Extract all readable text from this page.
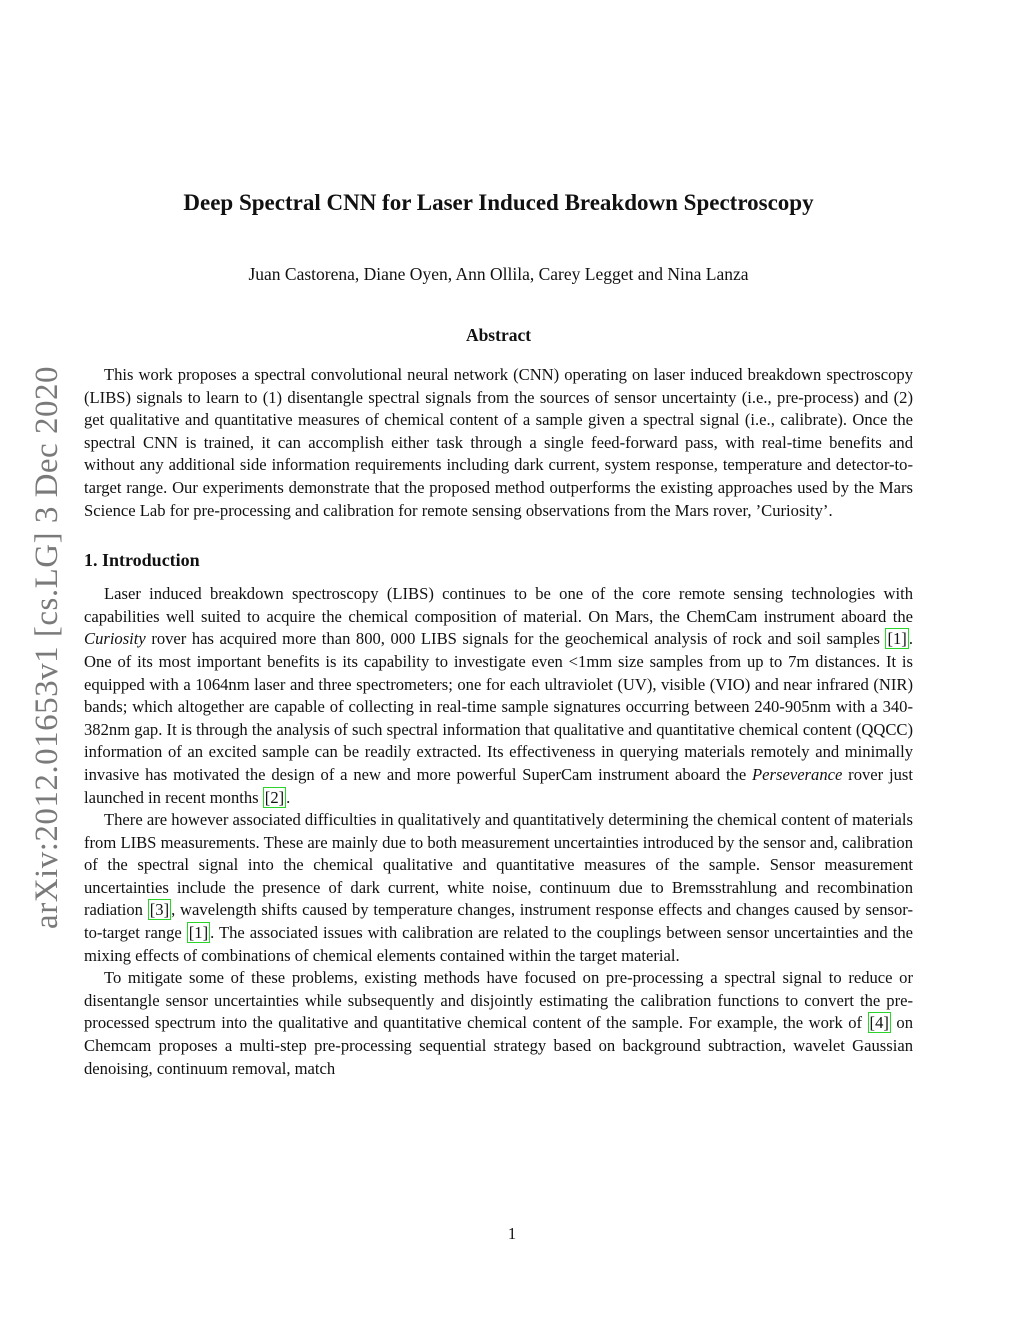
arXiv:2012.01653v1 [cs.LG] 3 Dec 2020
Deep Spectral CNN for Laser Induced Breakdown Spectroscopy
Juan Castorena, Diane Oyen, Ann Ollila, Carey Legget and Nina Lanza
Abstract

This work proposes a spectral convolutional neural network (CNN) operating on laser induced breakdown spectroscopy (LIBS) signals to learn to (1) disentangle spectral signals from the sources of sensor uncertainty (i.e., pre-process) and (2) get qualitative and quantitative measures of chemical content of a sample given a spectral signal (i.e., calibrate). Once the spectral CNN is trained, it can accomplish either task through a single feed-forward pass, with real-time benefits and without any additional side information requirements including dark current, system response, temperature and detector-to-target range. Our experiments demonstrate that the proposed method outperforms the existing approaches used by the Mars Science Lab for pre-processing and calibration for remote sensing observations from the Mars rover, ’Curiosity’.

1. Introduction

Laser induced breakdown spectroscopy (LIBS) continues to be one of the core remote sensing technologies with capabilities well suited to acquire the chemical composition of material. On Mars, the ChemCam instrument aboard the Curiosity rover has acquired more than 800, 000 LIBS signals for the geochemical analysis of rock and soil samples [1] . One of its most important benefits is its capability to investigate even <1mm size samples from up to 7m distances. It is equipped with a 1064nm laser and three spectrometers; one for each ultraviolet (UV), visible (VIO) and near infrared (NIR) bands; which altogether are capable of collecting in real-time sample signatures occurring between 240-905nm with a 340-382nm gap. It is through the analysis of such spectral information that qualitative and quantitative chemical content (QQCC) information of an excited sample can be readily extracted. Its effectiveness in querying materials remotely and minimally invasive has motivated the design of a new and more powerful SuperCam instrument aboard the Perseverance rover just launched in recent months [2] .

There are however associated difficulties in qualitatively and quantitatively determining the chemical content of materials from LIBS measurements. These are mainly due to both measurement uncertainties introduced by the sensor and, calibration of the spectral signal into the chemical qualitative and quantitative measures of the sample. Sensor measurement uncertainties include the presence of dark current, white noise, continuum due to Bremsstrahlung and recombination radiation [3] , wavelength shifts caused by temperature changes, instrument response effects and changes caused by sensor-to-target range [1] . The associated issues with calibration are related to the couplings between sensor uncertainties and the mixing effects of combinations of chemical elements contained within the target material.

To mitigate some of these problems, existing methods have focused on pre-processing a spectral signal to reduce or disentangle sensor uncertainties while subsequently and disjointly estimating the calibration functions to convert the pre-processed spectrum into the qualitative and quantitative chemical content of the sample. For example, the work of [4] on Chemcam proposes a multi-step pre-processing sequential strategy based on background subtraction, wavelet Gaussian denoising, continuum removal, match

1
